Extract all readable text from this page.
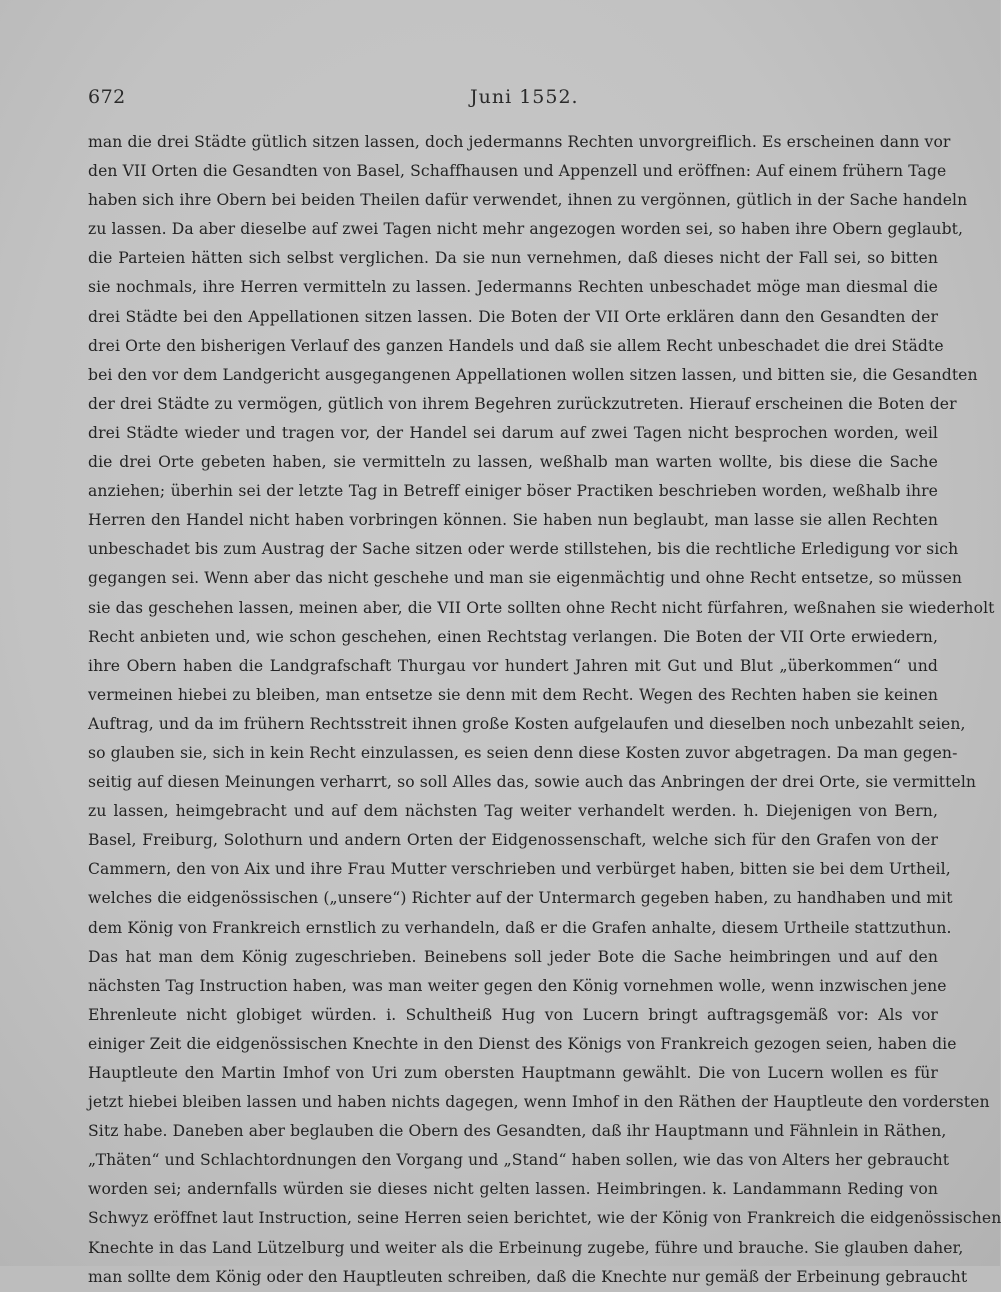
672	Juni 1552.
man die drei Städte gütlich sitzen lassen, doch jedermanns Rechten unvorgreiflich. Es erscheinen dann vor
den VII Orten die Gesandten von Basel, Schaffhausen und Appenzell und eröffnen: Auf einem frühern Tage
haben sich ihre Obern bei beiden Theilen dafür verwendet, ihnen zu vergönnen, gütlich in der Sache handeln
zu lassen. Da aber dieselbe auf zwei Tagen nicht mehr angezogen worden sei, so haben ihre Obern geglaubt,
die Parteien hätten sich selbst verglichen. Da sie nun vernehmen, daß dieses nicht der Fall sei, so bitten
sie nochmals, ihre Herren vermitteln zu lassen. Jedermanns Rechten unbeschadet möge man diesmal die
drei Städte bei den Appellationen sitzen lassen. Die Boten der VII Orte erklären dann den Gesandten der
drei Orte den bisherigen Verlauf des ganzen Handels und daß sie allem Recht unbeschadet die drei Städte
bei den vor dem Landgericht ausgegangenen Appellationen wollen sitzen lassen, und bitten sie, die Gesandten
der drei Städte zu vermögen, gütlich von ihrem Begehren zurückzutreten. Hierauf erscheinen die Boten der
drei Städte wieder und tragen vor, der Handel sei darum auf zwei Tagen nicht besprochen worden, weil
die drei Orte gebeten haben, sie vermitteln zu lassen, weßhalb man warten wollte, bis diese die Sache
anziehen; überhin sei der letzte Tag in Betreff einiger böser Practiken beschrieben worden, weßhalb ihre
Herren den Handel nicht haben vorbringen können. Sie haben nun beglaubt, man lasse sie allen Rechten
unbeschadet bis zum Austrag der Sache sitzen oder werde stillstehen, bis die rechtliche Erledigung vor sich
gegangen sei. Wenn aber das nicht geschehe und man sie eigenmächtig und ohne Recht entsetze, so müssen
sie das geschehen lassen, meinen aber, die VII Orte sollten ohne Recht nicht fürfahren, weßnahen sie wiederholt
Recht anbieten und, wie schon geschehen, einen Rechtstag verlangen. Die Boten der VII Orte erwiedern,
ihre Obern haben die Landgrafschaft Thurgau vor hundert Jahren mit Gut und Blut „überkommen“ und
vermeinen hiebei zu bleiben, man entsetze sie denn mit dem Recht. Wegen des Rechten haben sie keinen
Auftrag, und da im frühern Rechtsstreit ihnen große Kosten aufgelaufen und dieselben noch unbezahlt seien,
so glauben sie, sich in kein Recht einzulassen, es seien denn diese Kosten zuvor abgetragen. Da man gegen-
seitig auf diesen Meinungen verharrt, so soll Alles das, sowie auch das Anbringen der drei Orte, sie vermitteln
zu lassen, heimgebracht und auf dem nächsten Tag weiter verhandelt werden. h. Diejenigen von Bern,
Basel, Freiburg, Solothurn und andern Orten der Eidgenossenschaft, welche sich für den Grafen von der
Cammern, den von Aix und ihre Frau Mutter verschrieben und verbürget haben, bitten sie bei dem Urtheil,
welches die eidgenössischen („unsere“) Richter auf der Untermarch gegeben haben, zu handhaben und mit
dem König von Frankreich ernstlich zu verhandeln, daß er die Grafen anhalte, diesem Urtheile stattzuthun.
Das hat man dem König zugeschrieben. Beinebens soll jeder Bote die Sache heimbringen und auf den
nächsten Tag Instruction haben, was man weiter gegen den König vornehmen wolle, wenn inzwischen jene
Ehrenleute nicht globiget würden. i. Schultheiß Hug von Lucern bringt auftragsgemäß vor: Als vor
einiger Zeit die eidgenössischen Knechte in den Dienst des Königs von Frankreich gezogen seien, haben die
Hauptleute den Martin Imhof von Uri zum obersten Hauptmann gewählt. Die von Lucern wollen es für
jetzt hiebei bleiben lassen und haben nichts dagegen, wenn Imhof in den Räthen der Hauptleute den vordersten
Sitz habe. Daneben aber beglauben die Obern des Gesandten, daß ihr Hauptmann und Fähnlein in Räthen,
„Thäten“ und Schlachtordnungen den Vorgang und „Stand“ haben sollen, wie das von Alters her gebraucht
worden sei; andernfalls würden sie dieses nicht gelten lassen. Heimbringen. k. Landammann Reding von
Schwyz eröffnet laut Instruction, seine Herren seien berichtet, wie der König von Frankreich die eidgenössischen
Knechte in das Land Lützelburg und weiter als die Erbeinung zugebe, führe und brauche. Sie glauben daher,
man sollte dem König oder den Hauptleuten schreiben, daß die Knechte nur gemäß der Erbeinung gebraucht
